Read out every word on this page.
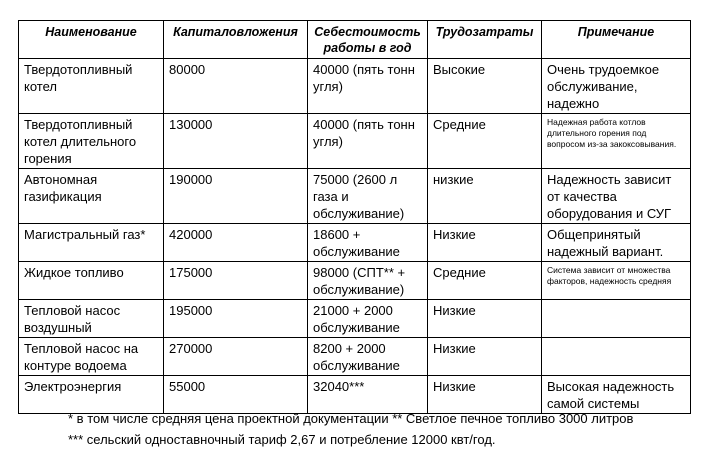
Наименование	Капиталовложения	Себестоимость работы в год	Трудозатраты	Примечание
Твердотопливный котел	80000	40000 (пять тонн угля)	Высокие	Очень трудоемкое обслуживание, надежно
Твердотопливный котел длительного горения	130000	40000 (пять тонн угля)	Средние	Надежная работа котлов длительного горения под вопросом из-за закоксовывания.
Автономная газификация	190000	75000 (2600 л газа и обслуживание)	низкие	Надежность зависит от качества оборудования и СУГ
Магистральный газ*	420000	18600 + обслуживание	Низкие	Общепринятый надежный вариант.
Жидкое топливо	175000	98000 (СПТ** + обслуживание)	Средние	Система зависит от множества факторов, надежность средняя
Тепловой насос воздушный	195000	21000 + 2000 обслуживание	Низкие	
Тепловой насос на контуре водоема	270000	8200 + 2000 обслуживание	Низкие	
Электроэнергия	55000	32040***	Низкие	Высокая надежность самой системы
* в том числе средняя цена проектной документации ** Светлое печное топливо 3000 литров
*** сельский одноставночный тариф 2,67 и потребление 12000 квт/год.
